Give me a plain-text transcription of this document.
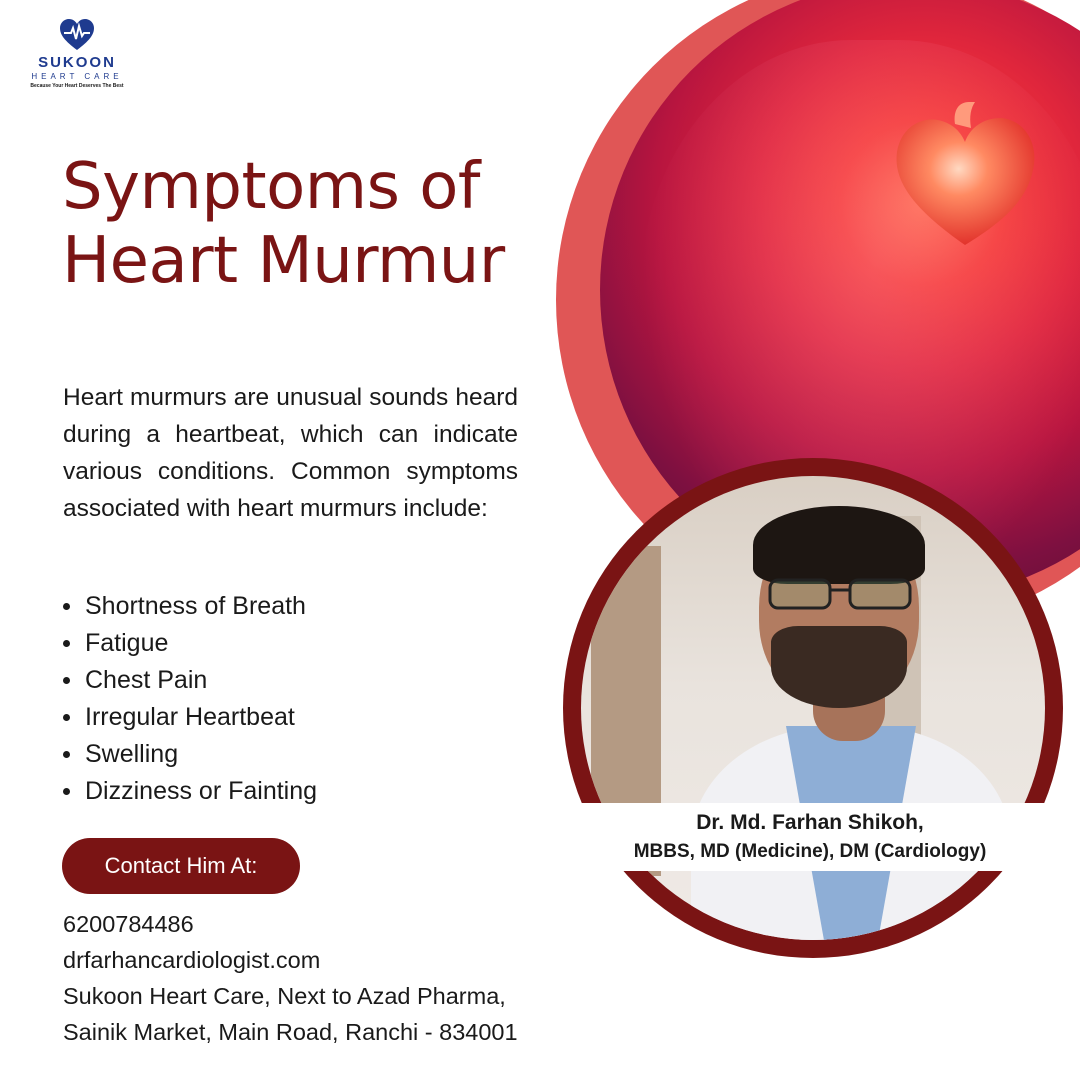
SUKOON
HEART CARE
Because Your Heart Deserves The Best
Symptoms of
Heart Murmur

Heart murmurs are unusual sounds heard during a heartbeat, which can indicate various conditions. Common symptoms associated with heart murmurs include:

Shortness of Breath
Fatigue
Chest Pain
Irregular Heartbeat
Swelling
Dizziness or Fainting
Contact Him At:
6200784486
drfarhancardiologist.com
Sukoon Heart Care, Next to Azad Pharma,
Sainik Market, Main Road, Ranchi - 834001
Dr. Md. Farhan Shikoh,
MBBS, MD (Medicine), DM (Cardiology)
